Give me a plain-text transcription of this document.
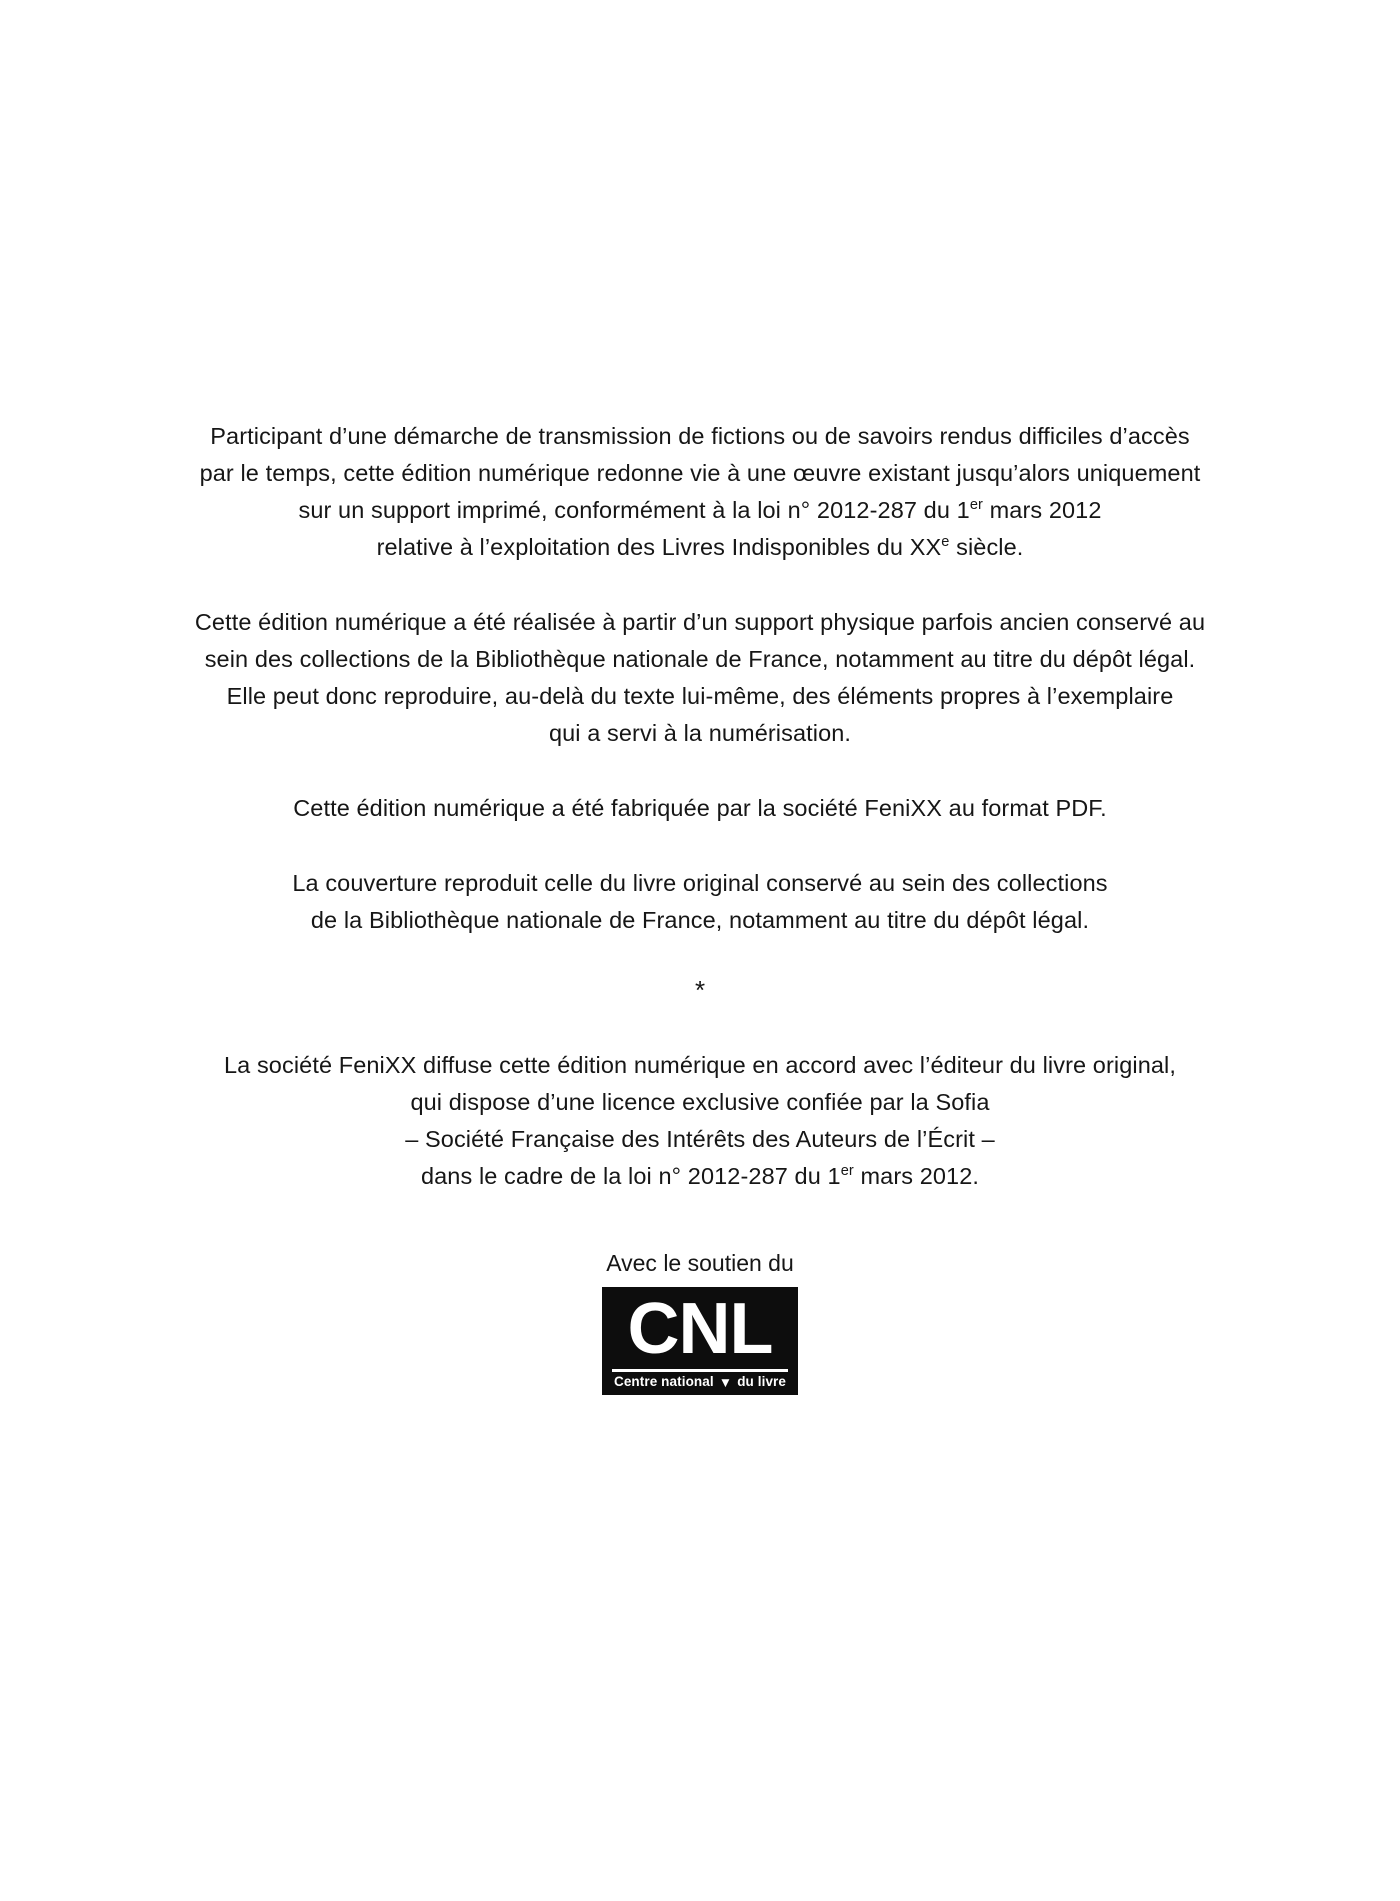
Participant d’une démarche de transmission de fictions ou de savoirs rendus difficiles d’accès
par le temps, cette édition numérique redonne vie à une œuvre existant jusqu’alors uniquement
sur un support imprimé, conformément à la loi n° 2012-287 du 1er mars 2012
relative à l’exploitation des Livres Indisponibles du XXe siècle.

Cette édition numérique a été réalisée à partir d’un support physique parfois ancien conservé au
sein des collections de la Bibliothèque nationale de France, notamment au titre du dépôt légal.
Elle peut donc reproduire, au-delà du texte lui-même, des éléments propres à l’exemplaire
qui a servi à la numérisation.

Cette édition numérique a été fabriquée par la société FeniXX au format PDF.

La couverture reproduit celle du livre original conservé au sein des collections
de la Bibliothèque nationale de France, notamment au titre du dépôt légal.

*

La société FeniXX diffuse cette édition numérique en accord avec l’éditeur du livre original,
qui dispose d’une licence exclusive confiée par la Sofia
– Société Française des Intérêts des Auteurs de l’Écrit –
dans le cadre de la loi n° 2012-287 du 1er mars 2012.

Avec le soutien du
CNL
Centre national ▼ du livre
